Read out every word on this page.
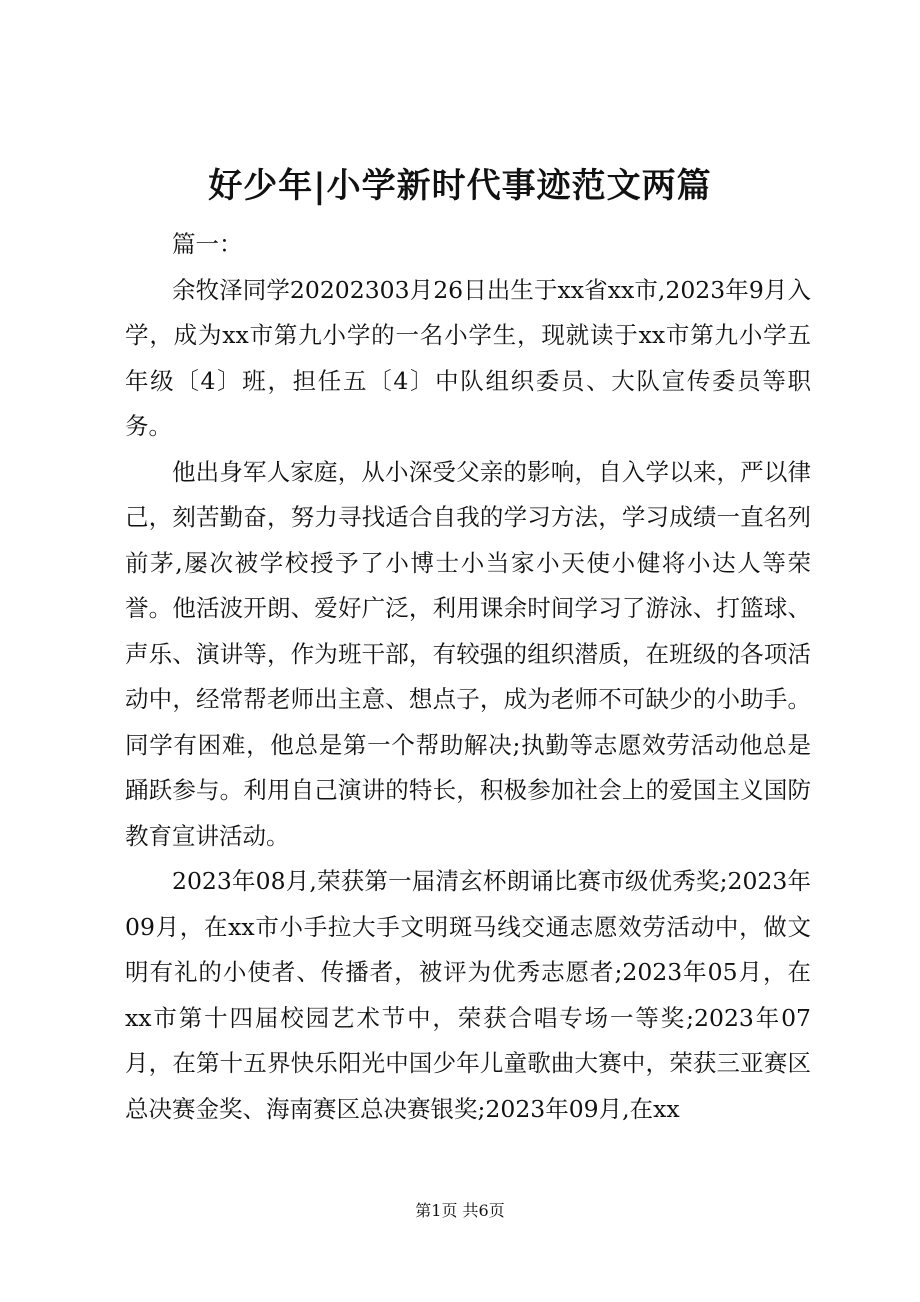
好少年|小学新时代事迹范文两篇

篇一：

余牧泽同学20202303月26日出生于xx省xx市,2023年9月入学，成为xx市第九小学的一名小学生，现就读于xx市第九小学五年级〔4〕班，担任五〔4〕中队组织委员、大队宣传委员等职务。

他出身军人家庭，从小深受父亲的影响，自入学以来，严以律己，刻苦勤奋，努力寻找适合自我的学习方法，学习成绩一直名列前茅,屡次被学校授予了小博士小当家小天使小健将小达人等荣誉。他活波开朗、爱好广泛，利用课余时间学习了游泳、打篮球、声乐、演讲等，作为班干部，有较强的组织潜质，在班级的各项活动中，经常帮老师出主意、想点子，成为老师不可缺少的小助手。同学有困难，他总是第一个帮助解决;执勤等志愿效劳活动他总是踊跃参与。利用自己演讲的特长，积极参加社会上的爱国主义国防教育宣讲活动。

2023年08月,荣获第一届清玄杯朗诵比赛市级优秀奖;2023年09月，在xx市小手拉大手文明斑马线交通志愿效劳活动中，做文明有礼的小使者、传播者，被评为优秀志愿者;2023年05月，在xx市第十四届校园艺术节中，荣获合唱专场一等奖;2023年07月，在第十五界快乐阳光中国少年儿童歌曲大赛中，荣获三亚赛区总决赛金奖、海南赛区总决赛银奖;2023年09月,在xx

第1页 共6页
